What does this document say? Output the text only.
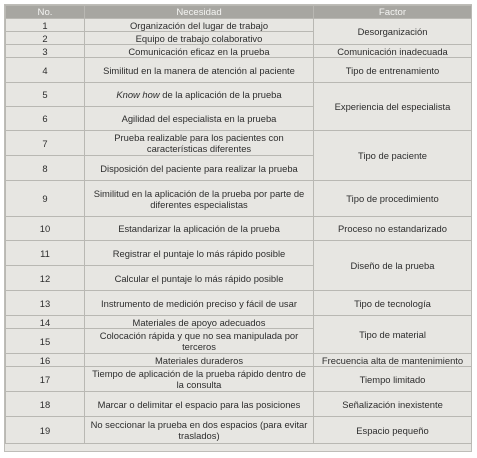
No.	Necesidad	Factor
1	Organización del lugar de trabajo	Desorganización
2	Equipo de trabajo colaborativo	
3	Comunicación eficaz en la prueba	Comunicación inadecuada
4	Similitud en la manera de atención al paciente	Tipo de entrenamiento
5	Know how de la aplicación de la prueba	Experiencia del especialista
6	Agilidad del especialista en la prueba	
7	Prueba realizable para los pacientes con características diferentes	Tipo de paciente
8	Disposición del paciente para realizar la prueba	
9	Similitud en la aplicación de la prueba por parte de diferentes especialistas	Tipo de procedimiento
10	Estandarizar la aplicación de la prueba	Proceso no estandarizado
11	Registrar el puntaje lo más rápido posible	Diseño de la prueba
12	Calcular el puntaje lo más rápido posible	
13	Instrumento de medición preciso y fácil de usar	Tipo de tecnología
14	Materiales de apoyo adecuados	Tipo de material
15	Colocación rápida y que no sea manipulada por terceros	
16	Materiales duraderos	Frecuencia alta de mantenimiento
17	Tiempo de aplicación de la prueba rápido dentro de la consulta	Tiempo limitado
18	Marcar o delimitar el espacio para las posiciones	Señalización inexistente
19	No seccionar la prueba en dos espacios (para evitar traslados)	Espacio pequeño
